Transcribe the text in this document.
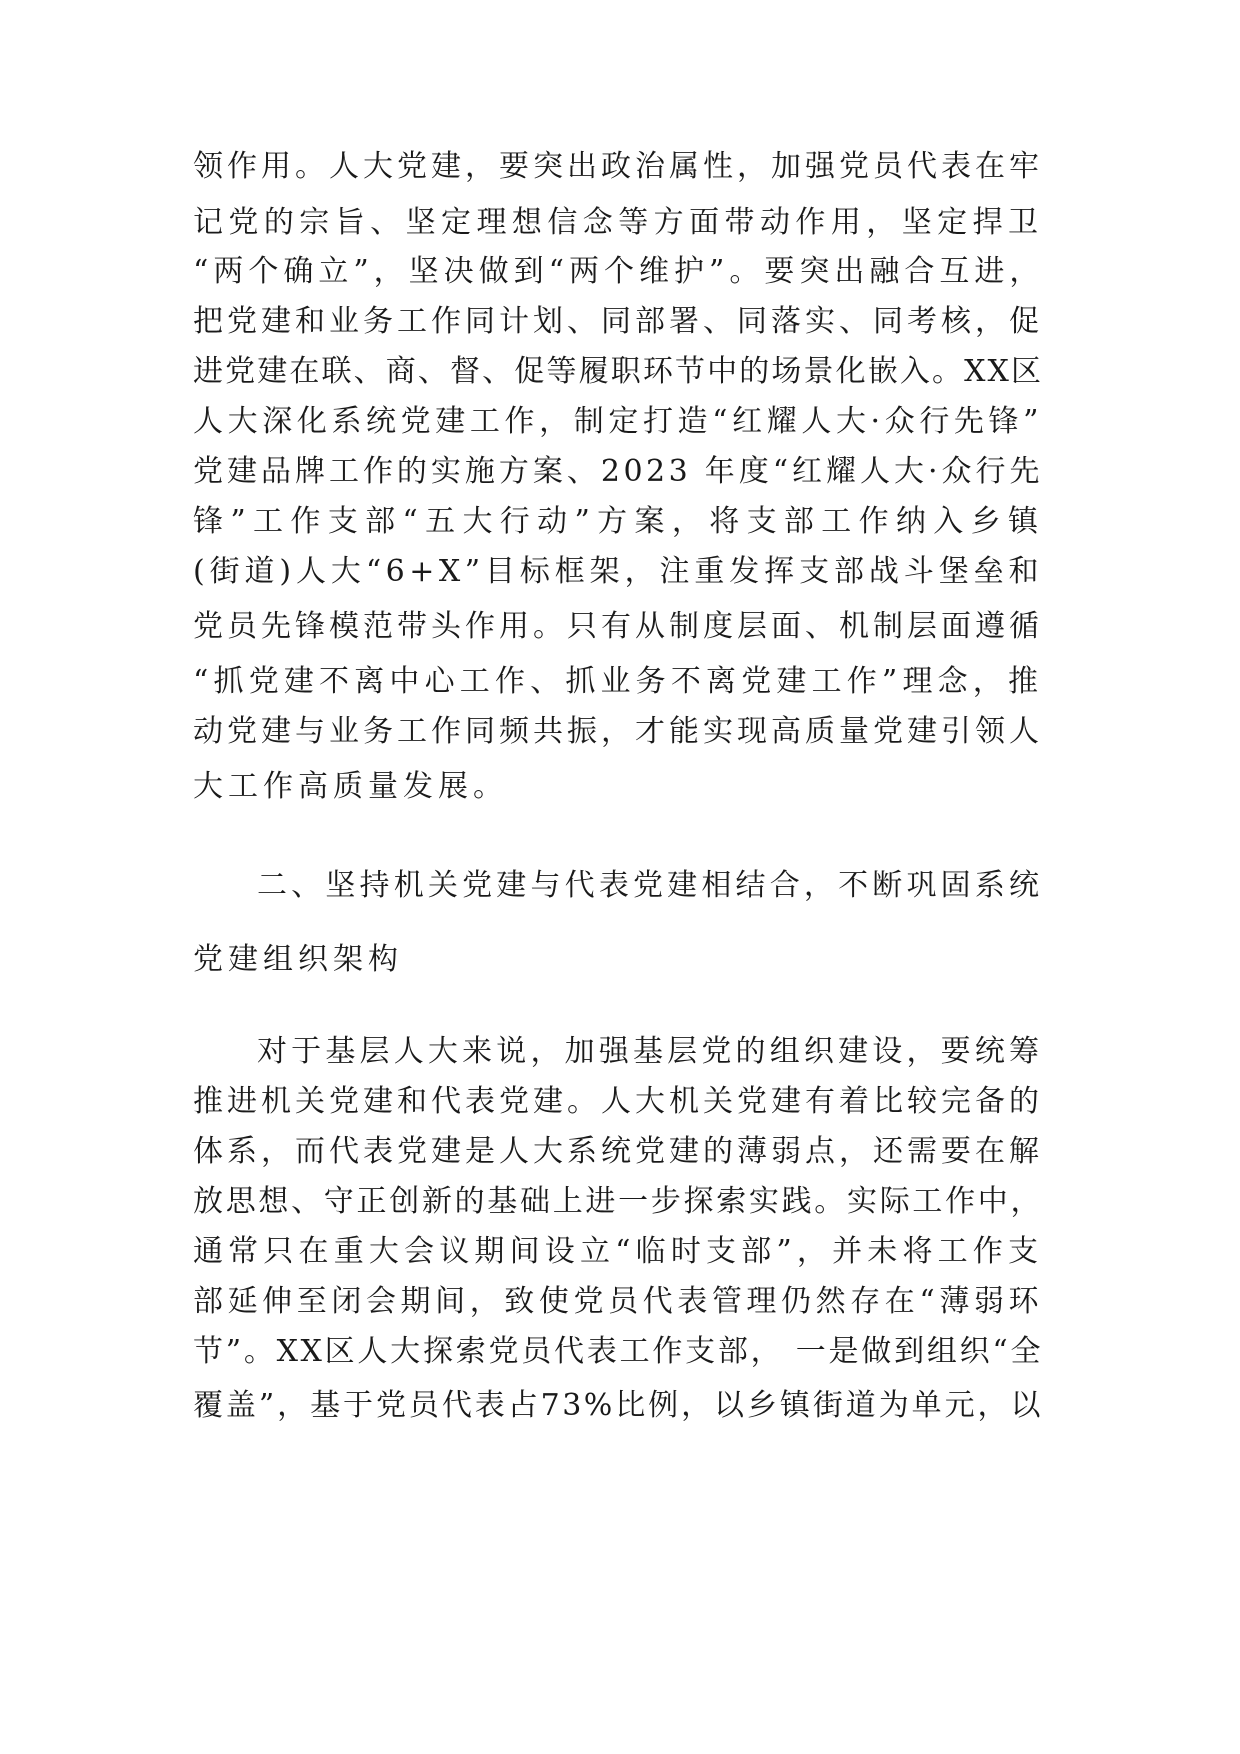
领作用。人大党建，要突出政治属性，加强党员代表在牢
记党的宗旨、坚定理想信念等方面带动作用，坚定捍卫
“两个确立”，坚决做到“两个维护”。要突出融合互进，
把党建和业务工作同计划、同部署、同落实、同考核，促
进党建在联、商、督、促等履职环节中的场景化嵌入。XX区
人大深化系统党建工作，制定打造“红耀人大·众行先锋”
党建品牌工作的实施方案、2023 年度“红耀人大·众行先
锋”工作支部“五大行动”方案，将支部工作纳入乡镇
(街道)人大“6+X”目标框架，注重发挥支部战斗堡垒和
党员先锋模范带头作用。只有从制度层面、机制层面遵循
“抓党建不离中心工作、抓业务不离党建工作”理念，推
动党建与业务工作同频共振，才能实现高质量党建引领人
大工作高质量发展。
二、坚持机关党建与代表党建相结合，不断巩固系统
党建组织架构
对于基层人大来说，加强基层党的组织建设，要统筹
推进机关党建和代表党建。人大机关党建有着比较完备的
体系，而代表党建是人大系统党建的薄弱点，还需要在解
放思想、守正创新的基础上进一步探索实践。实际工作中，
通常只在重大会议期间设立“临时支部”，并未将工作支
部延伸至闭会期间，致使党员代表管理仍然存在“薄弱环
节”。XX区人大探索党员代表工作支部， 一是做到组织“全
覆盖”，基于党员代表占73%比例，以乡镇街道为单元，以
